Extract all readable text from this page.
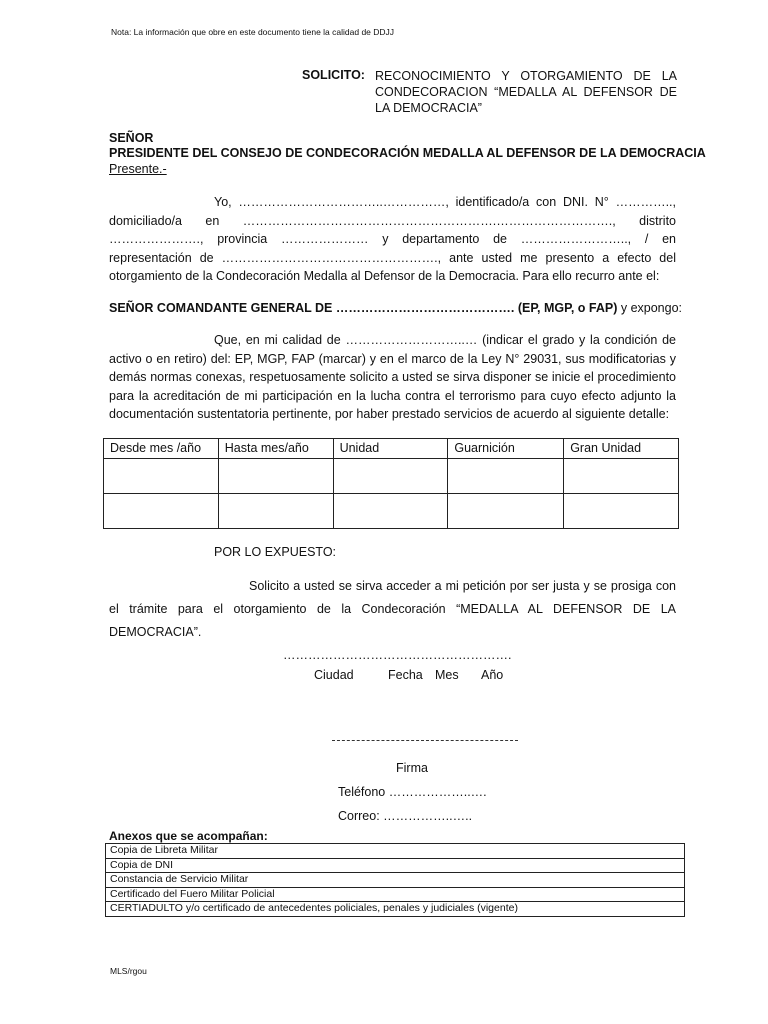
Nota: La información que obre en este documento tiene la calidad de DDJJ
SOLICITO: RECONOCIMIENTO Y OTORGAMIENTO DE LA CONDECORACION “MEDALLA AL DEFENSOR DE LA DEMOCRACIA”
SEÑOR
PRESIDENTE DEL CONSEJO DE CONDECORACIÓN MEDALLA AL DEFENSOR DE LA DEMOCRACIA
Presente.-
Yo, ……………………………..……………, identificado/a con DNI. N° ………….., domiciliado/a en …………………………………………………….………………………., distrito …………………., provincia ………………… y departamento de …………………….., / en representación de ……………………………………………., ante usted me presento a efecto del otorgamiento de la Condecoración Medalla al Defensor de la Democracia. Para ello recurro ante el:
SEÑOR COMANDANTE GENERAL DE ……………………………………. (EP, MGP, o FAP) y expongo:
Que, en mi calidad de ………………………..… (indicar el grado y la condición de activo o en retiro) del: EP, MGP, FAP (marcar) y en el marco de la Ley N° 29031, sus modificatorias y demás normas conexas, respetuosamente solicito a usted se sirva disponer se inicie el procedimiento para la acreditación de mi participación en la lucha contra el terrorismo para cuyo efecto adjunto la documentación sustentatoria pertinente, por haber prestado servicios de acuerdo al siguiente detalle:
Desde mes /año	Hasta mes/año	Unidad	Guarnición	Gran Unidad

POR LO EXPUESTO:
Solicito a usted se sirva acceder a mi petición por ser justa y se prosiga con el trámite para el otorgamiento de la Condecoración “MEDALLA AL DEFENSOR DE LA DEMOCRACIA”.
……………………………………………….
Ciudad	Fecha Mes Año
Firma
Teléfono ………………..….
Correo: ……………..…..
Anexos que se acompañan:
Copia de Libreta Militar
Copia de DNI
Constancia de Servicio Militar
Certificado del Fuero Militar Policial
CERTIADULTO y/o certificado de antecedentes policiales, penales y judiciales (vigente)
MLS/rgou
